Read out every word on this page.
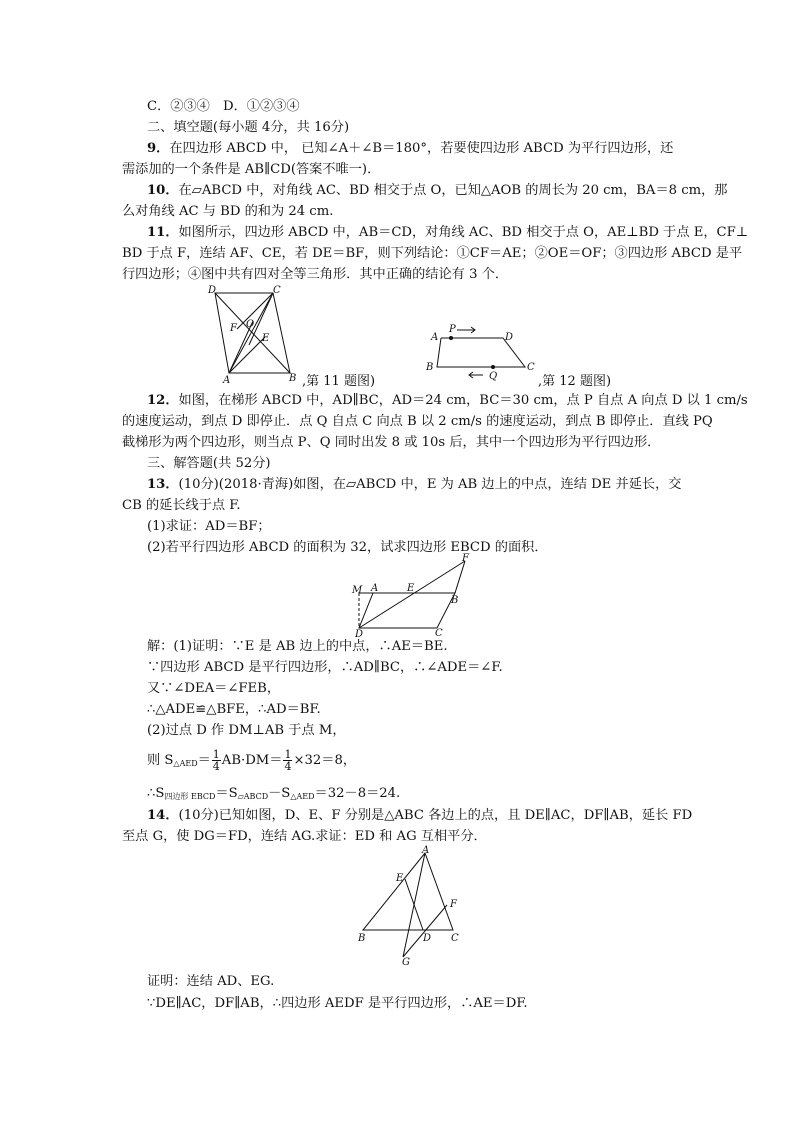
C．②③④　D．①②③④
二、填空题(每小题 4分，共 16分)
9．在四边形 ABCD 中， 已知∠A＋∠B＝180°，若要使四边形 ABCD 为平行四边形，还
需添加的一个条件是 AB∥CD(答案不唯一)．
10．在▱ABCD 中，对角线 AC、BD 相交于点 O，已知△AOB 的周长为 20 cm，BA＝8 cm，那
么对角线 AC 与 BD 的和为 24 cm.
11．如图所示，四边形 ABCD 中，AB＝CD，对角线 AC、BD 相交于点 O，AE⊥BD 于点 E，CF⊥
BD 于点 F，连结 AF、CE，若 DE＝BF，则下列结论：①CF＝AE；②OE＝OF；③四边形 ABCD 是平
行四边形；④图中共有四对全等三角形．其中正确的结论有 3 个．
D	C
A	B
O
F
E
,第 11 题图)
A	D
B	C
P
Q	,第 12 题图)
12．如图，在梯形 ABCD 中，AD∥BC，AD＝24 cm，BC＝30 cm，点 P 自点 A 向点 D 以 1 cm/s
的速度运动，到点 D 即停止．点 Q 自点 C 向点 B 以 2 cm/s 的速度运动，到点 B 即停止．直线 PQ
截梯形为两个四边形，则当点 P、Q 同时出发 8 或 10s 后，其中一个四边形为平行四边形．
三、解答题(共 52分)
13．(10分)(2018·青海)如图，在▱ABCD 中，E 为 AB 边上的中点，连结 DE 并延长，交
CB 的延长线于点 F.
(1)求证：AD＝BF；
(2)若平行四边形 ABCD 的面积为 32，试求四边形 EBCD 的面积．
M A	E
F
B
D	C
解：(1)证明：∵E 是 AB 边上的中点，∴AE＝BE.
∵四边形 ABCD 是平行四边形，∴AD∥BC，∴∠ADE＝∠F.
又∵∠DEA＝∠FEB，
∴△ADE≌△BFE，∴AD＝BF.
(2)过点 D 作 DM⊥AB 于点 M，
则 $S_{\triangle AED}= \frac{1}{4} AB\cdot DM= \frac{1}{4} \times 32=8$，
$\therefore S_{四边形 EBCD}=S_{▱ABCD}-S_{\triangle AED}=32-8=24$.
14．(10分)已知如图，D、E、F 分别是△ABC 各边上的点，且 DE∥AC，DF∥AB，延长 FD
至点 G，使 DG＝FD，连结 AG.求证：ED 和 AG 互相平分．
A
E
F
B	D C
G
证明：连结 AD、EG.
∵DE∥AC，DF∥AB，∴四边形 AEDF 是平行四边形，∴AE＝DF.
